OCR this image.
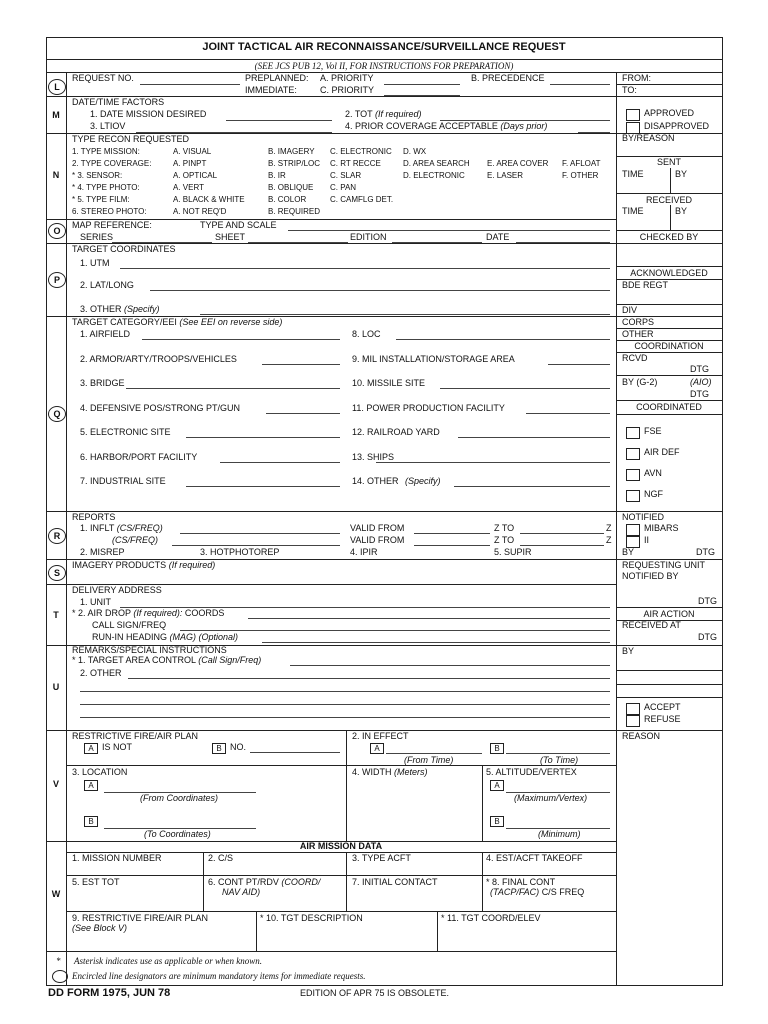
JOINT TACTICAL AIR RECONNAISSANCE/SURVEILLANCE REQUEST
(SEE JCS PUB 12, Vol II, FOR INSTRUCTIONS FOR PREPARATION)
L
REQUEST NO.	PREPLANNED: A. PRIORITY	B. PRECEDENCE
IMMEDIATE:	C. PRIORITY
M
DATE/TIME FACTORS
1. DATE MISSION DESIRED	2. TOT (If required)
3. LTIOV	4. PRIOR COVERAGE ACCEPTABLE (Days prior)
N
TYPE RECON REQUESTED
1. TYPE MISSION:	A. VISUAL	B. IMAGERY C. ELECTRONIC D. WX
2. TYPE COVERAGE:	A. PINPT	B. STRIP/LOC C. RT RECCE	D. AREA SEARCH E. AREA COVER F. AFLOAT
* 3. SENSOR:	A. OPTICAL	B. IR	C. SLAR	D. ELECTRONIC	E. LASER	F. OTHER
* 4. TYPE PHOTO:	A. VERT	B. OBLIQUE C. PAN
* 5. TYPE FILM:	A. BLACK & WHITE	B. COLOR	C. CAMFLG DET.
6. STEREO PHOTO:	A. NOT REQ'D	B. REQUIRED
O
MAP REFERENCE:	TYPE AND SCALE
SERIES	SHEET	EDITION	DATE
P
TARGET COORDINATES
1. UTM
2. LAT/LONG
3. OTHER (Specify)
Q
TARGET CATEGORY/EEI (See EEI on reverse side)
1. AIRFIELD
2. ARMOR/ARTY/TROOPS/VEHICLES
3. BRIDGE
4. DEFENSIVE POS/STRONG PT/GUN
5. ELECTRONIC SITE
6. HARBOR/PORT FACILITY
7. INDUSTRIAL SITE
8. LOC
9. MIL INSTALLATION/STORAGE AREA
10. MISSILE SITE
11. POWER PRODUCTION FACILITY
12. RAILROAD YARD
13. SHIPS
14. OTHER (Specify)
R
REPORTS
1. INFLT (CS/FREQ)	VALID FROM	Z TO	Z
(CS/FREQ)	VALID FROM	Z TO	Z
2. MISREP	3. HOTPHOTOREP	4. IPIR	5. SUPIR
S
IMAGERY PRODUCTS (If required)
T
DELIVERY ADDRESS
1. UNIT
* 2. AIR DROP (If required): COORDS
CALL SIGN/FREQ
RUN-IN HEADING (MAG) (Optional)
U
REMARKS/SPECIAL INSTRUCTIONS
* 1. TARGET AREA CONTROL (Call Sign/Freq)
2. OTHER
V
RESTRICTIVE FIRE/AIR PLAN
A IS NOT	B NO.
2. IN EFFECT
A
(From Time)
B
(To Time)
3. LOCATION
A
(From Coordinates)
B
(To Coordinates)
4. WIDTH (Meters)	5. ALTITUDE/VERTEX
A
(Maximum/Vertex)
B
(Minimum)
W
AIR MISSION DATA
1. MISSION NUMBER	2. C/S	3. TYPE ACFT	4. EST/ACFT TAKEOFF
5. EST TOT	6. CONT PT/RDV (COORD/
NAV AID)
7. INITIAL CONTACT	* 8. FINAL CONT
(TACP/FAC) C/S FREQ
9. RESTRICTIVE FIRE/AIR PLAN
(See Block V)
* 10. TGT DESCRIPTION	* 11. TGT COORD/ELEV
* Asterisk indicates use as applicable or when known.
Encircled line designators are minimum mandatory items for immediate requests.
DD FORM 1975, JUN 78	EDITION OF APR 75 IS OBSOLETE.
FROM:
TO:
APPROVED
DISAPPROVED
BY/REASON
SENT
TIME	BY
RECEIVED
TIME	BY
CHECKED BY
ACKNOWLEDGED
BDE REGT
DIV
CORPS
OTHER
COORDINATION
RCVD
DTG
BY (G-2)	(AIO)
DTG
COORDINATED
FSE
AIR DEF
AVN
NGF
NOTIFIED
MIBARS
II
BY	DTG
REQUESTING UNIT
NOTIFIED BY
DTG
AIR ACTION
RECEIVED AT
DTG
BY
ACCEPT
REFUSE
REASON
